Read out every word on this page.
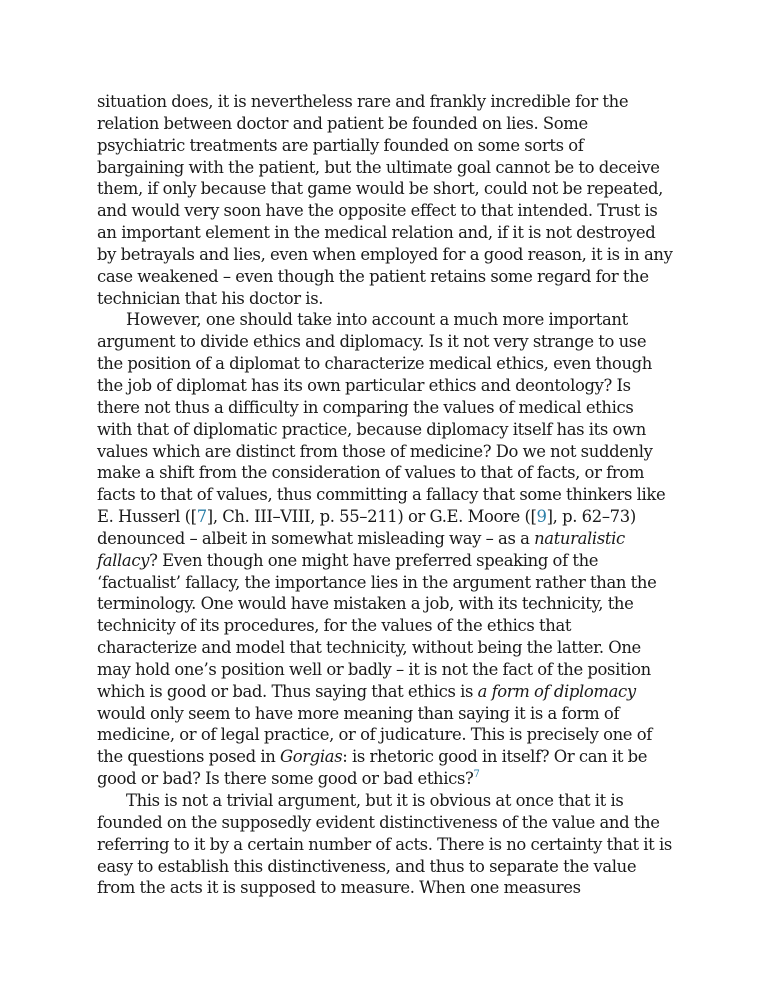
situation does, it is nevertheless rare and frankly incredible for the
relation between doctor and patient be founded on lies. Some
psychiatric treatments are partially founded on some sorts of
bargaining with the patient, but the ultimate goal cannot be to deceive
them, if only because that game would be short, could not be repeated,
and would very soon have the opposite effect to that intended. Trust is
an important element in the medical relation and, if it is not destroyed
by betrayals and lies, even when employed for a good reason, it is in any
case weakened – even though the patient retains some regard for the
technician that his doctor is.

However, one should take into account a much more important
argument to divide ethics and diplomacy. Is it not very strange to use
the position of a diplomat to characterize medical ethics, even though
the job of diplomat has its own particular ethics and deontology? Is
there not thus a difficulty in comparing the values of medical ethics
with that of diplomatic practice, because diplomacy itself has its own
values which are distinct from those of medicine? Do we not suddenly
make a shift from the consideration of values to that of facts, or from
facts to that of values, thus committing a fallacy that some thinkers like
E. Husserl ([7], Ch. III–VIII, p. 55–211) or G.E. Moore ([9], p. 62–73)
denounced – albeit in somewhat misleading way – as a naturalistic
fallacy? Even though one might have preferred speaking of the
‘factualist’ fallacy, the importance lies in the argument rather than the
terminology. One would have mistaken a job, with its technicity, the
technicity of its procedures, for the values of the ethics that
characterize and model that technicity, without being the latter. One
may hold one’s position well or badly – it is not the fact of the position
which is good or bad. Thus saying that ethics is a form of diplomacy
would only seem to have more meaning than saying it is a form of
medicine, or of legal practice, or of judicature. This is precisely one of
the questions posed in Gorgias: is rhetoric good in itself? Or can it be
good or bad? Is there some good or bad ethics?$^7$

This is not a trivial argument, but it is obvious at once that it is
founded on the supposedly evident distinctiveness of the value and the
referring to it by a certain number of acts. There is no certainty that it is
easy to establish this distinctiveness, and thus to separate the value
from the acts it is supposed to measure. When one measures
